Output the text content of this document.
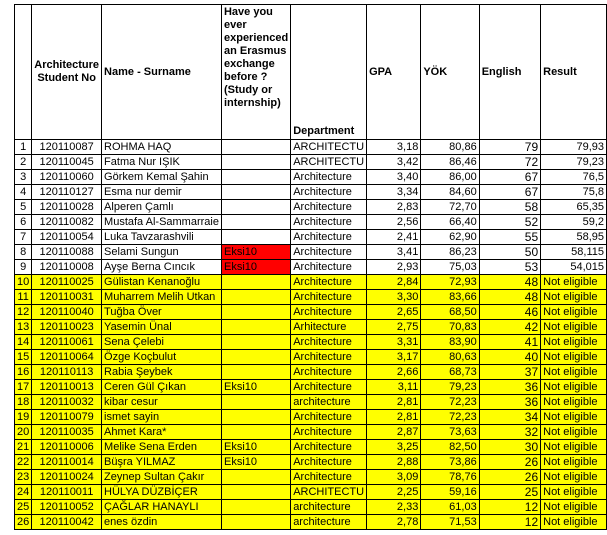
	Architecture Student No	Name - Surname	Have you ever experienced an Erasmus exchange before ? (Study or internship)	Department	GPA	YÖK	English	Result
1	120110087	ROHMA HAQ		ARCHITECTU	3,18	80,86	79	79,93
2	120110045	Fatma Nur IŞIK		ARCHITECTU	3,42	86,46	72	79,23
3	120110060	Görkem Kemal Şahin		Architecture	3,40	86,00	67	76,5
4	120110127	Esma nur demir		Architecture	3,34	84,60	67	75,8
5	120110028	Alperen Çamlı		Architecture	2,83	72,70	58	65,35
6	120110082	Mustafa Al-Sammarraie		Architecture	2,56	66,40	52	59,2
7	120110054	Luka Tavzarashvili		Architecture	2,41	62,90	55	58,95
8	120110088	Selami Sungun	Eksi10	Architecture	3,41	86,23	50	58,115
9	120110008	Ayşe Berna Cıncık	Eksi10	Architecture	2,93	75,03	53	54,015
10	120110025	Gülistan Kenanoğlu		Architecture	2,84	72,93	48	Not eligible
11	120110031	Muharrem Melih Utkan		Architecture	3,30	83,66	48	Not eligible
12	120110040	Tuğba Över		Architecture	2,65	68,50	46	Not eligible
13	120110023	Yasemin Ünal		Arhitecture	2,75	70,83	42	Not eligible
14	120110061	Sena Çelebi		Architecture	3,31	83,90	41	Not eligible
15	120110064	Özge Koçbulut		Architecture	3,17	80,63	40	Not eligible
16	120110113	Rabia Şeybek		Architecture	2,66	68,73	37	Not eligible
17	120110013	Ceren Gül Çıkan	Eksi10	Architecture	3,11	79,23	36	Not eligible
18	120110032	kibar cesur		architecture	2,81	72,23	36	Not eligible
19	120110079	ismet sayin		Architecture	2,81	72,23	34	Not eligible
20	120110035	Ahmet Kara*		Architecture	2,87	73,63	32	Not eligible
21	120110006	Melike Sena Erden	Eksi10	Architecture	3,25	82,50	30	Not eligible
22	120110014	Büşra YILMAZ	Eksi10	Architecture	2,88	73,86	26	Not eligible
23	120110024	Zeynep Sultan Çakır		Architecture	3,09	78,76	26	Not eligible
24	120110011	HÜLYA DÜZBİÇER		ARCHITECTU	2,25	59,16	25	Not eligible
25	120110052	ÇAĞLAR HANAYLI		architecture	2,33	61,03	12	Not eligible
26	120110042	enes özdin		architecture	2,78	71,53	12	Not eligible
